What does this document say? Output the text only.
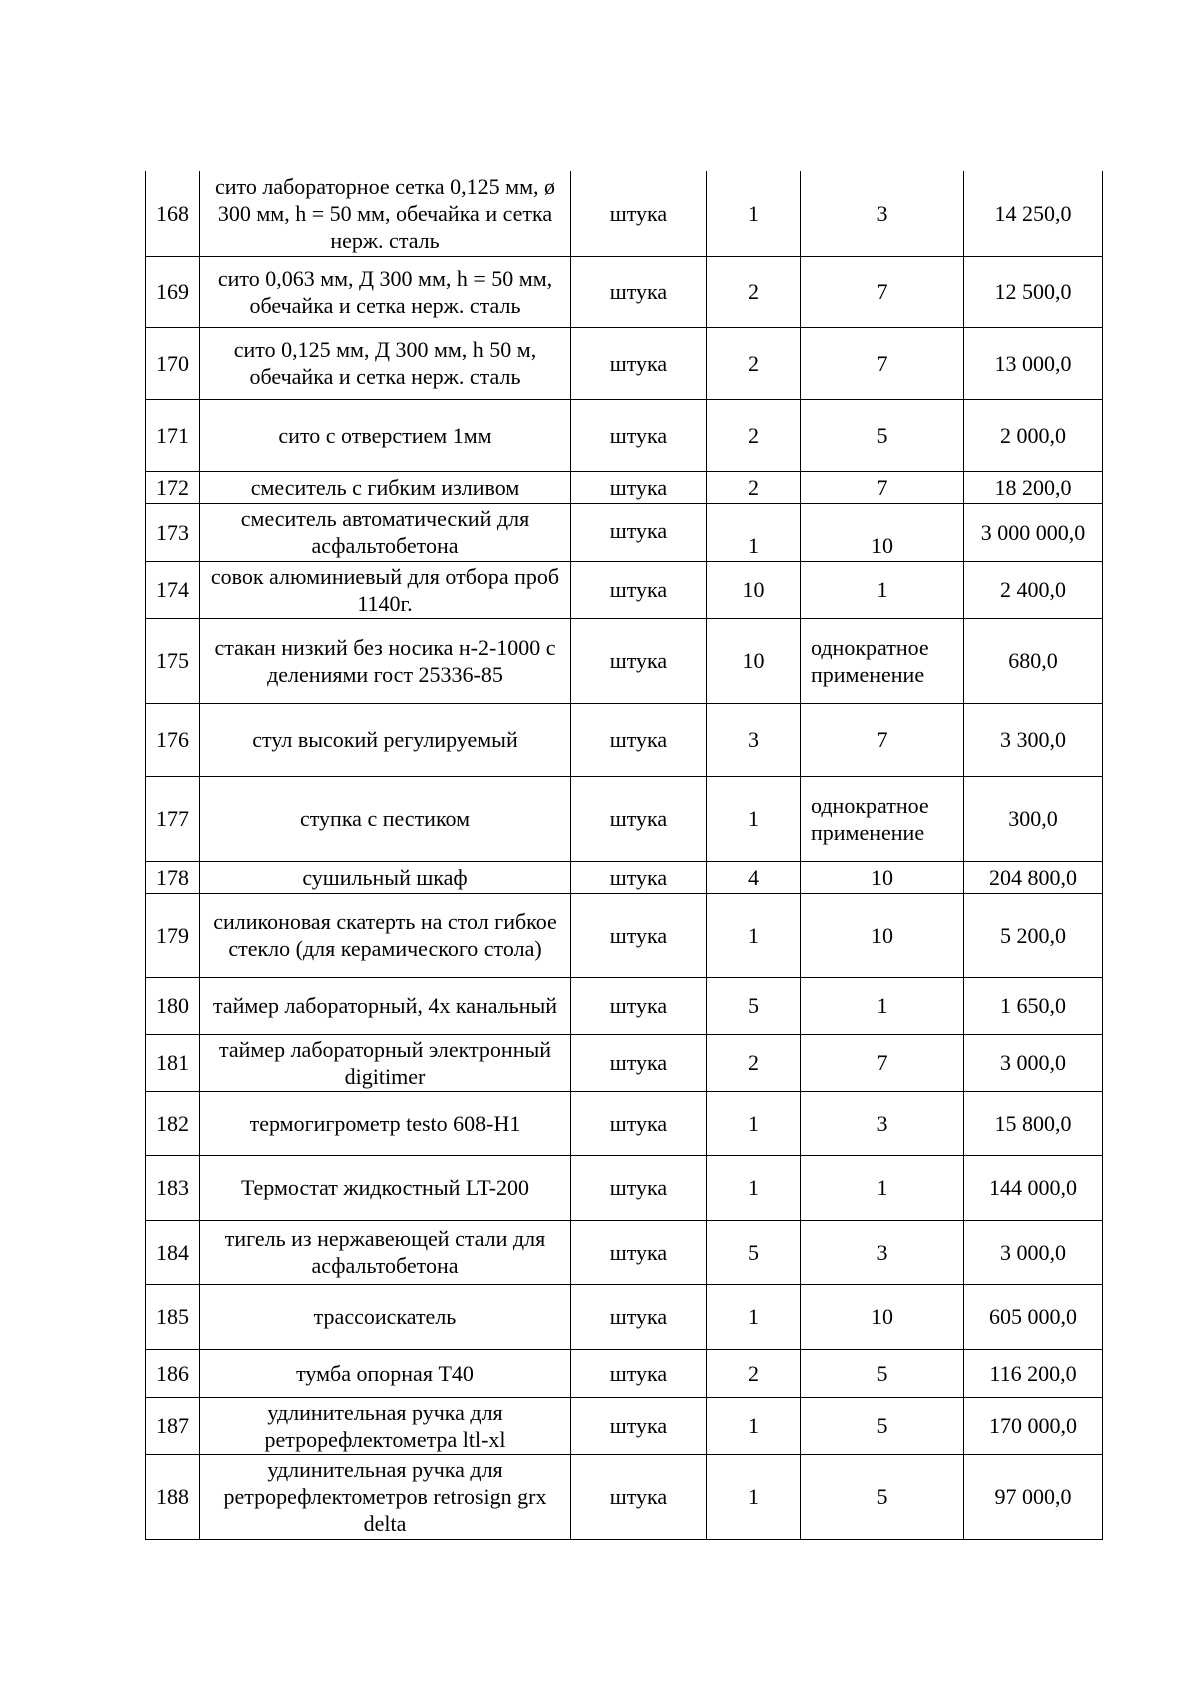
168	сито лабораторное сетка 0,125 мм, ø 300 мм, h = 50 мм, обечайка и сетка нерж. сталь	штука	1	3	14 250,0
169	сито 0,063 мм, Д 300 мм, h = 50 мм, обечайка и сетка нерж. сталь	штука	2	7	12 500,0
170	сито 0,125 мм, Д 300 мм, h 50 м, обечайка и сетка нерж. сталь	штука	2	7	13 000,0
171	сито с отверстием 1мм	штука	2	5	2 000,0
172	смеситель с гибким изливом	штука	2	7	18 200,0
173	смеситель автоматический для асфальтобетона	штука	1	10	3 000 000,0
174	совок алюминиевый для отбора проб 1140г.	штука	10	1	2 400,0
175	стакан низкий без носика н-2-1000 с делениями гост 25336-85	штука	10	однократное применение	680,0
176	стул высокий регулируемый	штука	3	7	3 300,0
177	ступка с пестиком	штука	1	однократное применение	300,0
178	сушильный шкаф	штука	4	10	204 800,0
179	силиконовая скатерть на стол гибкое стекло (для керамического стола)	штука	1	10	5 200,0
180	таймер лабораторный, 4х канальный	штука	5	1	1 650,0
181	таймер лабораторный электронный digitimer	штука	2	7	3 000,0
182	термогигрометр testo 608-H1	штука	1	3	15 800,0
183	Термостат жидкостный LT-200	штука	1	1	144 000,0
184	тигель из нержавеющей стали для асфальтобетона	штука	5	3	3 000,0
185	трассоискатель	штука	1	10	605 000,0
186	тумба опорная Т40	штука	2	5	116 200,0
187	удлинительная ручка для ретрорефлектометра ltl-xl	штука	1	5	170 000,0
188	удлинительная ручка для ретрорефлектометров retrosign grx delta	штука	1	5	97 000,0
